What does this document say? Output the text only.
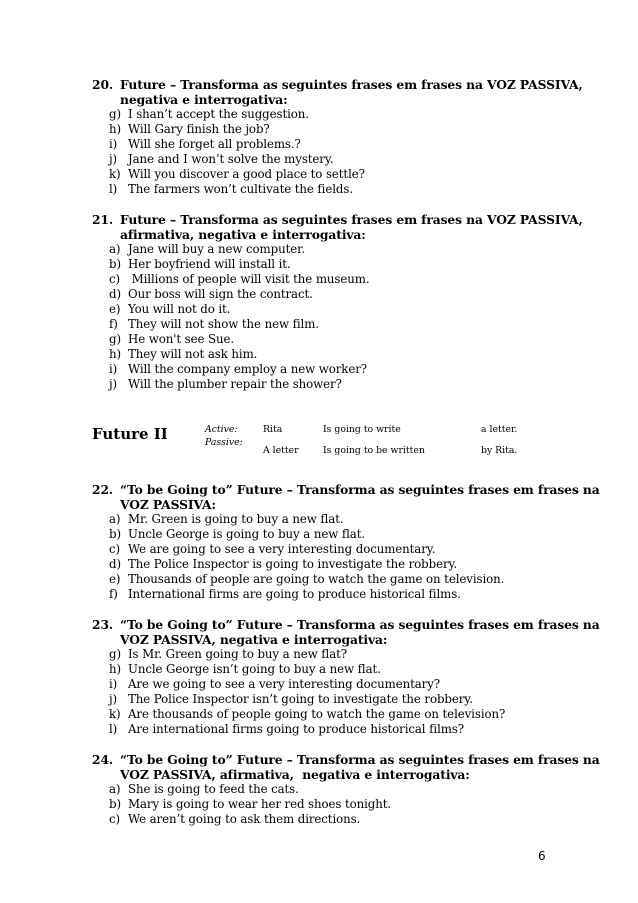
20. Future – Transforma as seguintes frases em frases na VOZ PASSIVA,
negativa e interrogativa:
g) I shan’t accept the suggestion.
h) Will Gary finish the job?
i) Will she forget all problems.?
j) Jane and I won’t solve the mystery.
k) Will you discover a good place to settle?
l) The farmers won’t cultivate the fields.
21. Future – Transforma as seguintes frases em frases na VOZ PASSIVA,
afirmativa, negativa e interrogativa:
a) Jane will buy a new computer.
b) Her boyfriend will install it.
c) Millions of people will visit the museum.
d) Our boss will sign the contract.
e) You will not do it.
f) They will not show the new film.
g) He won't see Sue.
h) They will not ask him.
i) Will the company employ a new worker?
j) Will the plumber repair the shower?
Future II	Active:
Passive:
Rita	Is going to write	a letter.
A letter	Is going to be written	by Rita.
22. “To be Going to” Future – Transforma as seguintes frases em frases na
VOZ PASSIVA:
a) Mr. Green is going to buy a new flat.
b) Uncle George is going to buy a new flat.
c) We are going to see a very interesting documentary.
d) The Police Inspector is going to investigate the robbery.
e) Thousands of people are going to watch the game on television.
f) International firms are going to produce historical films.
23. “To be Going to” Future – Transforma as seguintes frases em frases na
VOZ PASSIVA, negativa e interrogativa:
g) Is Mr. Green going to buy a new flat?
h) Uncle George isn’t going to buy a new flat.
i) Are we going to see a very interesting documentary?
j) The Police Inspector isn’t going to investigate the robbery.
k) Are thousands of people going to watch the game on television?
l) Are international firms going to produce historical films?
24. “To be Going to” Future – Transforma as seguintes frases em frases na
VOZ PASSIVA, afirmativa,  negativa e interrogativa:
a) She is going to feed the cats.
b) Mary is going to wear her red shoes tonight.
c) We aren’t going to ask them directions.
6
